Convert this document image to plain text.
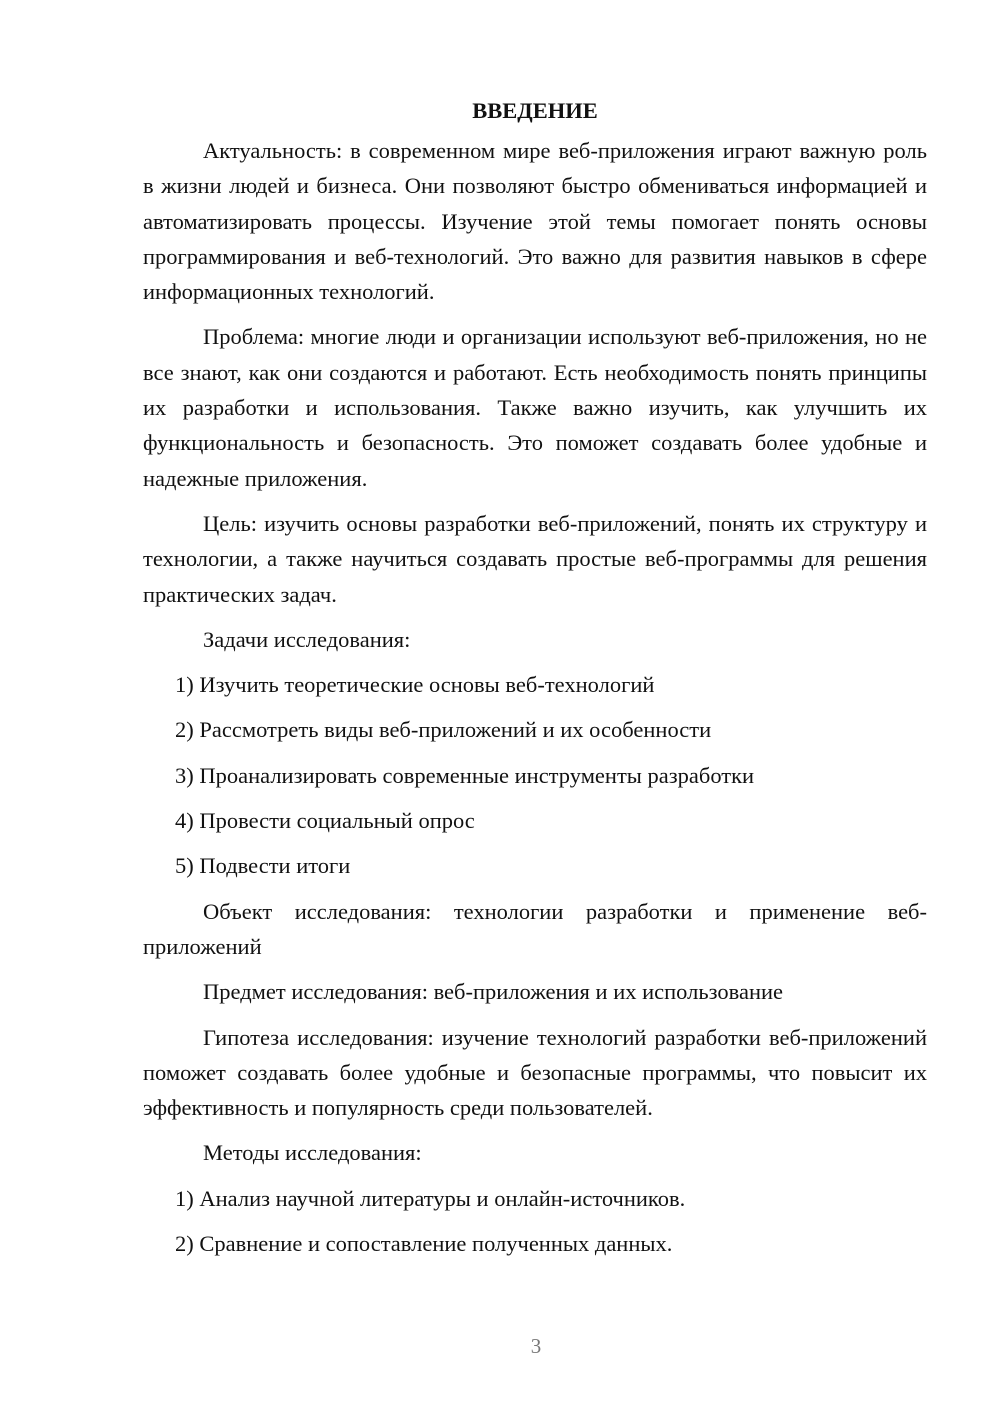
ВВЕДЕНИЕ

Актуальность: в современном мире веб-приложения играют важную роль в жизни людей и бизнеса. Они позволяют быстро обмениваться информацией и автоматизировать процессы. Изучение этой темы помогает понять основы программирования и веб-технологий. Это важно для развития навыков в сфере информационных технологий.

Проблема: многие люди и организации используют веб-приложения, но не все знают, как они создаются и работают. Есть необходимость понять принципы их разработки и использования. Также важно изучить, как улучшить их функциональность и безопасность. Это поможет создавать более удобные и надежные приложения.

Цель: изучить основы разработки веб-приложений, понять их структуру и технологии, а также научиться создавать простые веб-программы для решения практических задач.

Задачи исследования:

1) Изучить теоретические основы веб-технологий
2) Рассмотреть виды веб-приложений и их особенности
3) Проанализировать современные инструменты разработки
4) Провести социальный опрос
5) Подвести итоги

Объект исследования: технологии разработки и применение веб-приложений

Предмет исследования: веб-приложения и их использование

Гипотеза исследования: изучение технологий разработки веб-приложений поможет создавать более удобные и безопасные программы, что повысит их эффективность и популярность среди пользователей.

Методы исследования:

1) Анализ научной литературы и онлайн-источников.
2) Сравнение и сопоставление полученных данных.
3
